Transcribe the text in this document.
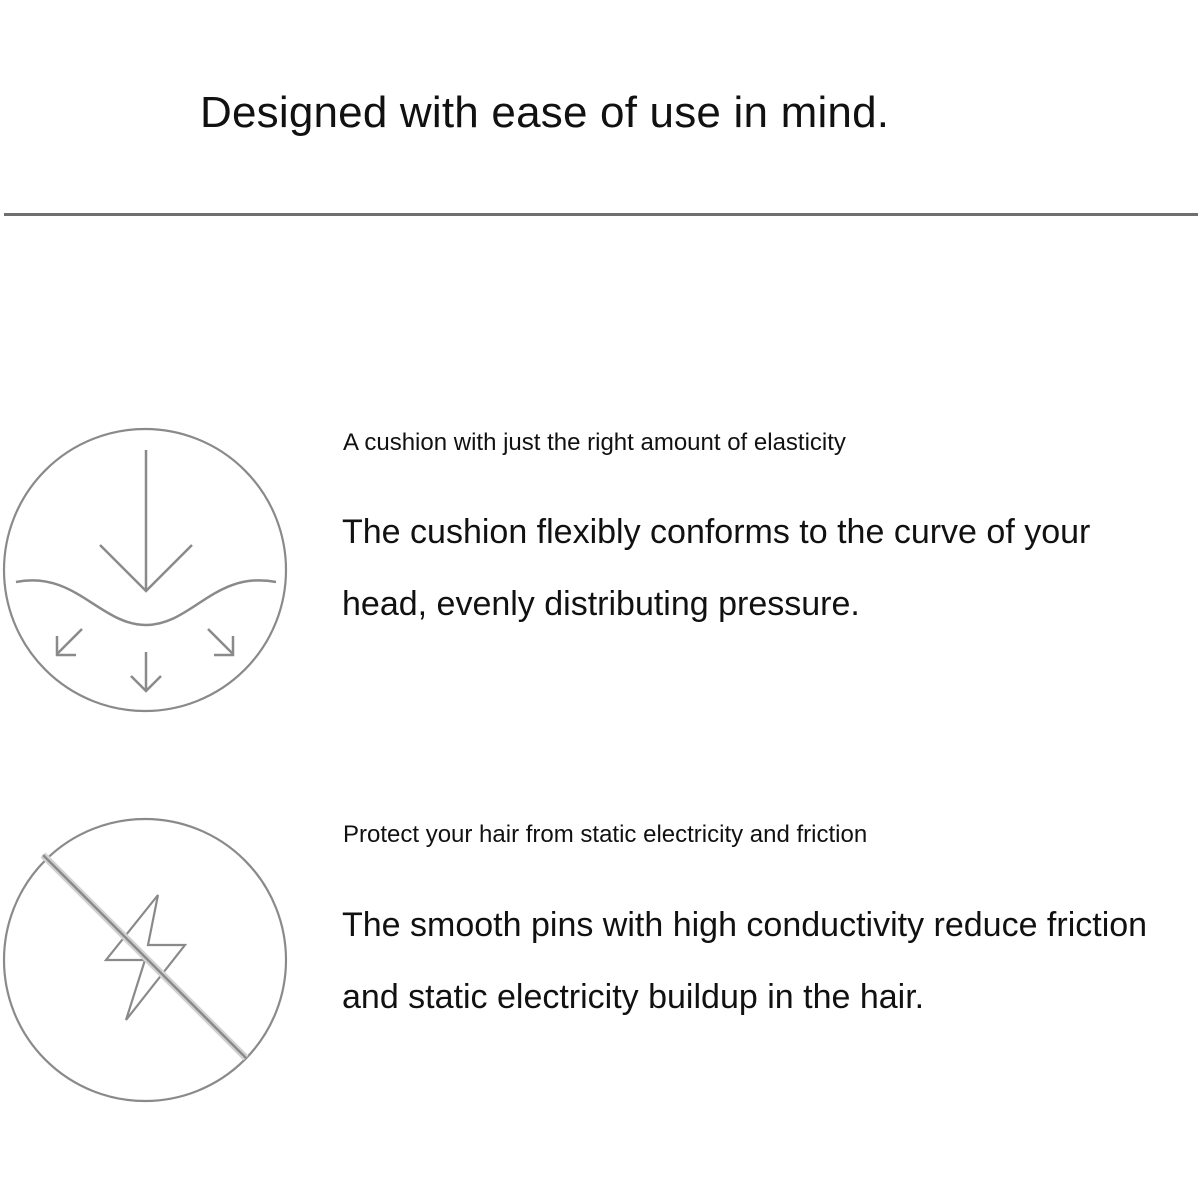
Designed with ease of use in mind.
A cushion with just the right amount of elasticity
The cushion flexibly conforms to the curve of your head, evenly distributing pressure.
Protect your hair from static electricity and friction
The smooth pins with high conductivity reduce friction and static electricity buildup in the hair.
